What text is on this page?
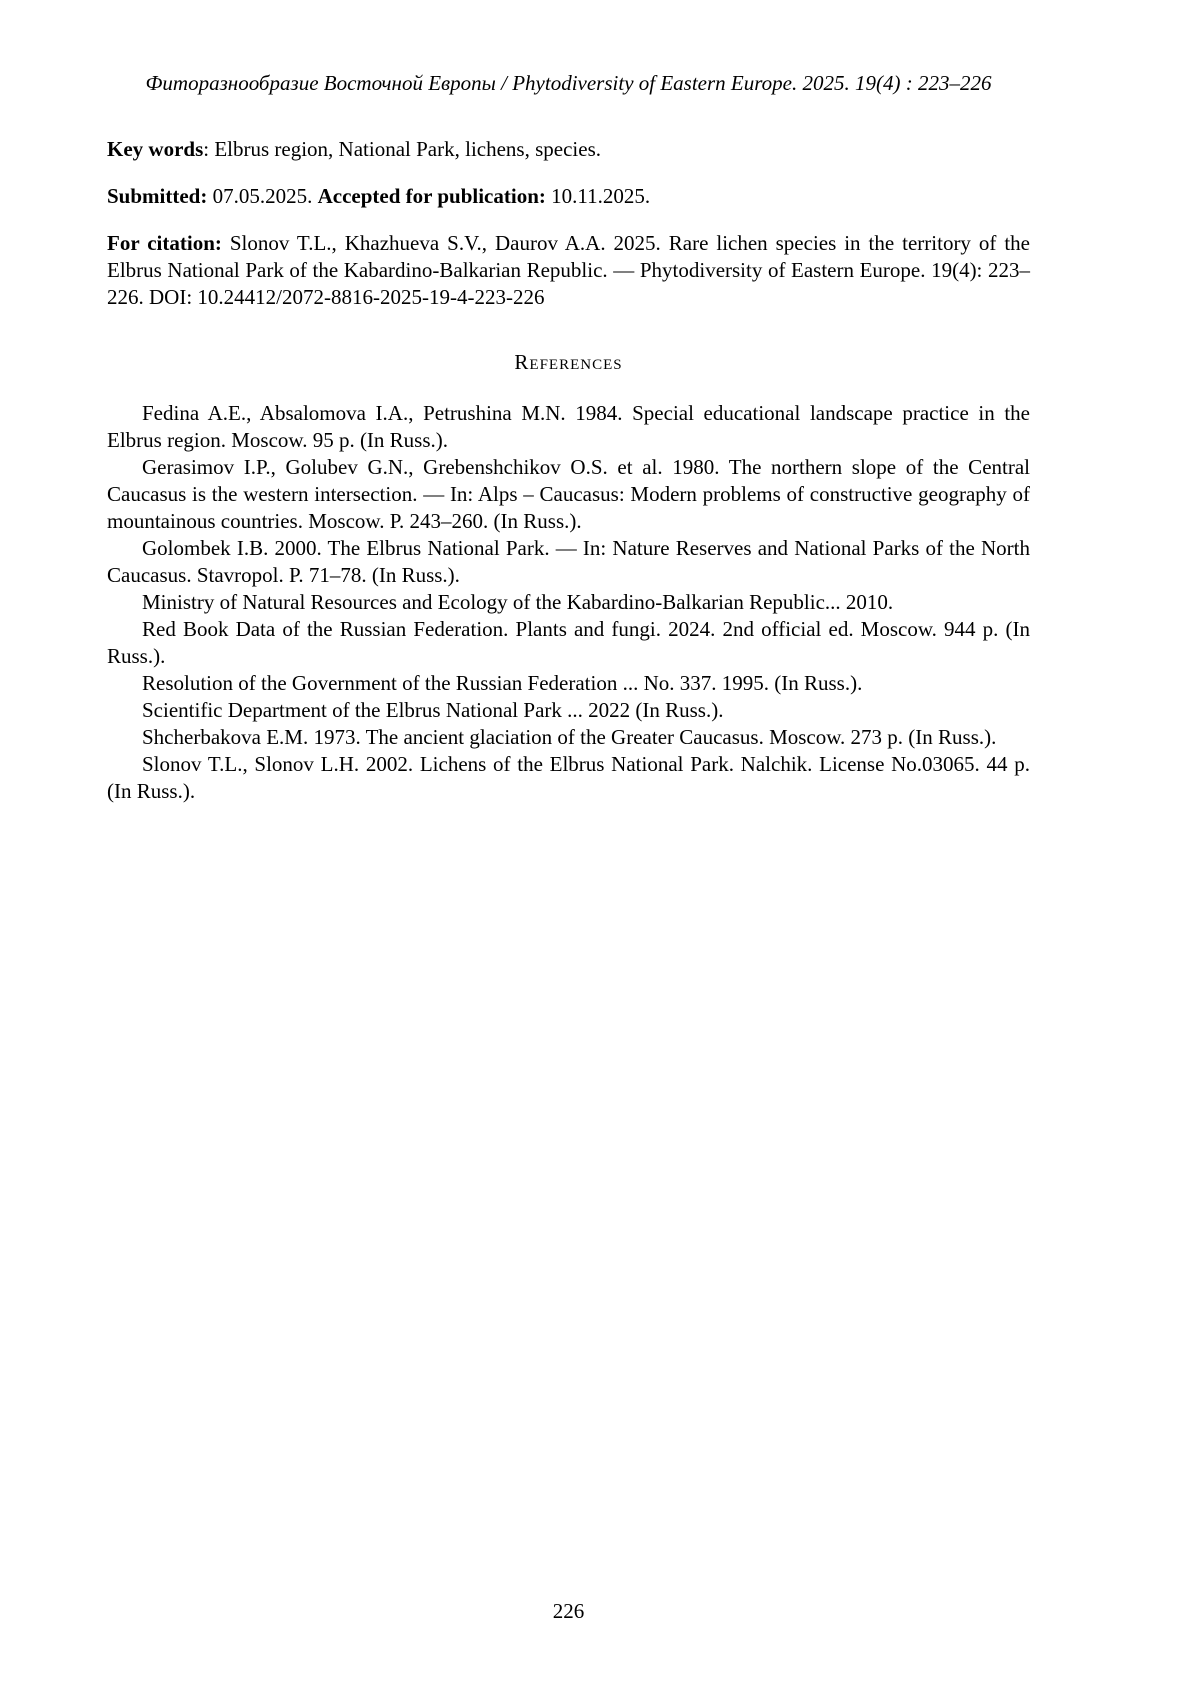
Фиторазнообразие Восточной Европы / Phytodiversity of Eastern Europe. 2025. 19(4) : 223–226

Key words: Elbrus region, National Park, lichens, species.

Submitted: 07.05.2025. Accepted for publication: 10.11.2025.

For citation: Slonov T.L., Khazhueva S.V., Daurov A.A. 2025. Rare lichen species in the territory of the Elbrus National Park of the Kabardino-Balkarian Republic. — Phytodiversity of Eastern Europe. 19(4): 223–226. DOI: 10.24412/2072-8816-2025-19-4-223-226

References

Fedina A.E., Absalomova I.A., Petrushina M.N. 1984. Special educational landscape practice in the Elbrus region. Moscow. 95 p. (In Russ.).

Gerasimov I.P., Golubev G.N., Grebenshchikov O.S. et al. 1980. The northern slope of the Central Caucasus is the western intersection. — In: Alps – Caucasus: Modern problems of constructive geography of mountainous countries. Moscow. P. 243–260. (In Russ.).

Golombek I.B. 2000. The Elbrus National Park. — In: Nature Reserves and National Parks of the North Caucasus. Stavropol. P. 71–78. (In Russ.).

Ministry of Natural Resources and Ecology of the Kabardino-Balkarian Republic... 2010.

Red Book Data of the Russian Federation. Plants and fungi. 2024. 2nd official ed. Moscow. 944 p. (In Russ.).

Resolution of the Government of the Russian Federation ... No. 337. 1995. (In Russ.).

Scientific Department of the Elbrus National Park ... 2022 (In Russ.).

Shcherbakova E.M. 1973. The ancient glaciation of the Greater Caucasus. Moscow. 273 p. (In Russ.).

Slonov T.L., Slonov L.H. 2002. Lichens of the Elbrus National Park. Nalchik. License No.03065. 44 p. (In Russ.).

226
